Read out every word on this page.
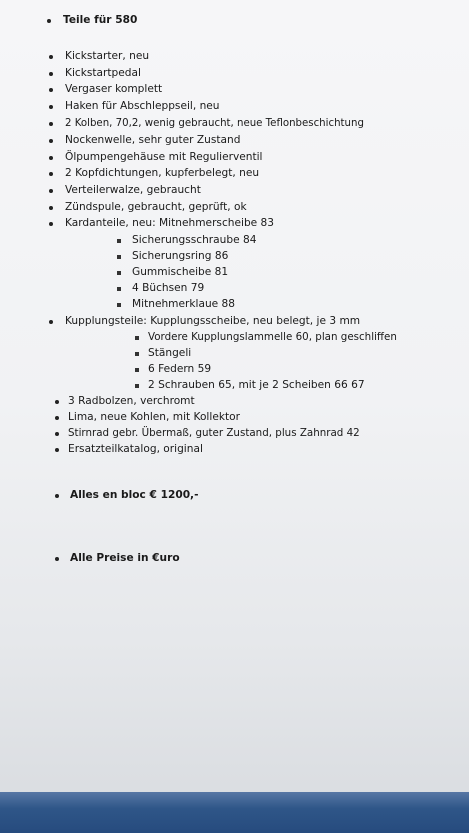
Teile für 580
Kickstarter, neu
Kickstartpedal
Vergaser komplett
Haken für Abschleppseil, neu
2 Kolben, 70,2, wenig gebraucht, neue Teflonbeschichtung
Nockenwelle, sehr guter Zustand
Ölpumpengehäuse mit Regulierventil
2 Kopfdichtungen, kupferbelegt, neu
Verteilerwalze, gebraucht
Zündspule, gebraucht, geprüft, ok
Kardanteile, neu: Mitnehmerscheibe 83
Sicherungsschraube 84
Sicherungsring 86
Gummischeibe 81
4 Büchsen 79
Mitnehmerklaue 88
Kupplungsteile: Kupplungsscheibe, neu belegt, je 3 mm
Vordere Kupplungslammelle 60, plan geschliffen
Stängeli
6 Federn 59
2 Schrauben 65, mit je 2 Scheiben 66 67
3 Radbolzen, verchromt
Lima, neue Kohlen, mit Kollektor
Stirnrad gebr. Übermaß, guter Zustand, plus Zahnrad 42
Ersatzteilkatalog, original
Alles en bloc € 1200,-
Alle Preise in €uro
